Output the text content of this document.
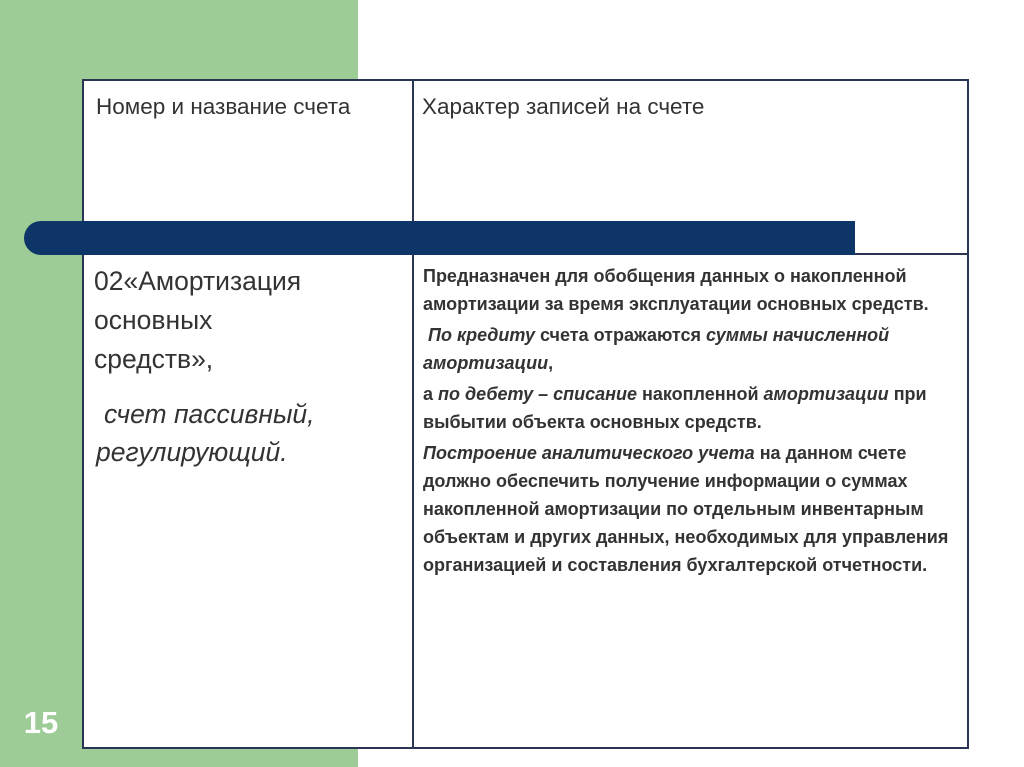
15
Номер и название счета	Характер записей на счете
02«Амортизация
основных
средств»,
счет пассивный,
регулирующий.

Предназначен для обобщения данных о накопленной амортизации за время эксплуатации основных средств.

По кредиту счета отражаются суммы начисленной амортизации,

а по дебету – списание накопленной амортизации при выбытии объекта основных средств.

Построение аналитического учета на данном счете должно обеспечить получение информации о суммах накопленной амортизации по отдельным инвентарным объектам и других данных, необходимых для управления организацией и составления бухгалтерской отчетности.
